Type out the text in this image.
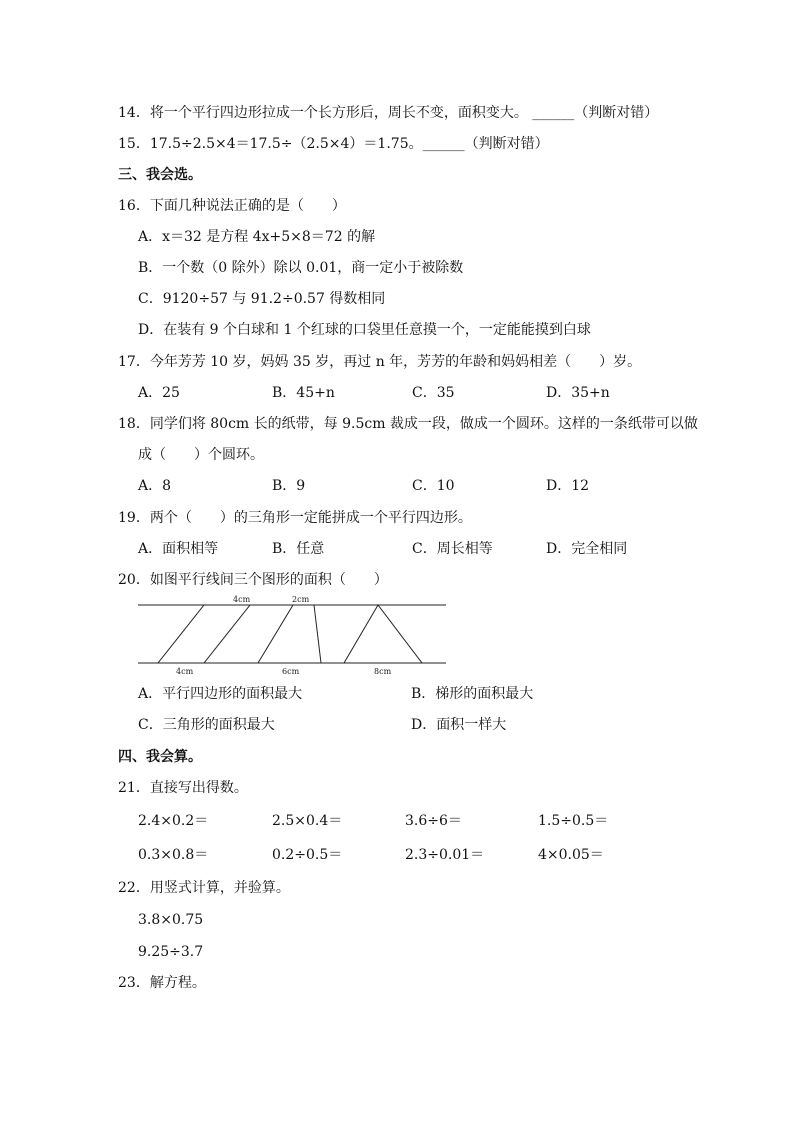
14．将一个平行四边形拉成一个长方形后，周长不变，面积变大。 ______（判断对错）
15．17.5÷2.5×4＝17.5÷（2.5×4）＝1.75。______（判断对错）
三、我会选。
16．下面几种说法正确的是（　　）
A．x＝32 是方程 4x+5×8＝72 的解
B．一个数（0 除外）除以 0.01，商一定小于被除数
C．9120÷57 与 91.2÷0.57 得数相同
D．在装有 9 个白球和 1 个红球的口袋里任意摸一个，一定能能摸到白球
17．今年芳芳 10 岁，妈妈 35 岁，再过 n 年，芳芳的年龄和妈妈相差（　　）岁。
A．25	B．45+n	C．35	D．35+n
18．同学们将 80cm 长的纸带，每 9.5cm 裁成一段，做成一个圆环。这样的一条纸带可以做
成（　　）个圆环。
A．8	B．9	C．10	D．12
19．两个（　　）的三角形一定能拼成一个平行四边形。
A．面积相等	B．任意	C．周长相等	D．完全相同
20．如图平行线间三个图形的面积（　　）
4cm	2cm
4cm	6cm	8cm
A．平行四边形的面积最大	B．梯形的面积最大
C．三角形的面积最大	D．面积一样大
四、我会算。
21．直接写出得数。
2.4×0.2＝	2.5×0.4＝	3.6÷6＝	1.5÷0.5＝
0.3×0.8＝	0.2÷0.5＝	2.3÷0.01＝	4×0.05＝
22．用竖式计算，并验算。
3.8×0.75
9.25÷3.7
23．解方程。
